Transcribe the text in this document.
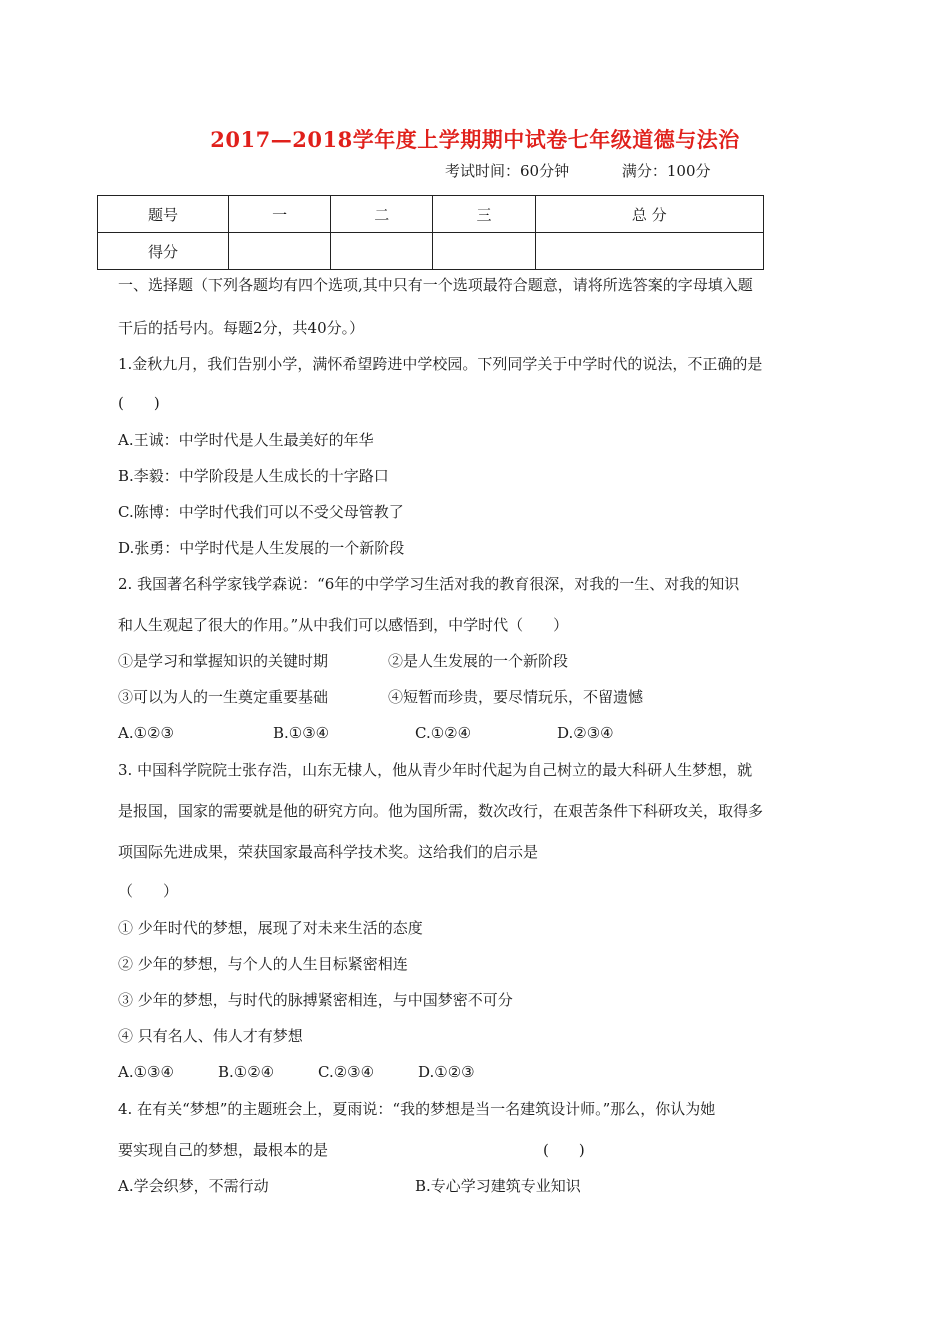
2017—2018学年度上学期期中试卷七年级道德与法治
考试时间：60分钟	满分：100分
题号	一	二	三	总 分
得分				
一、选择题（下列各题均有四个选项,其中只有一个选项最符合题意，请将所选答案的字母填入题
干后的括号内。每题2分，共40分。）
1.金秋九月，我们告别小学，满怀希望跨进中学校园。下列同学关于中学时代的说法，不正确的是
(　　)
A.王诚：中学时代是人生最美好的年华
B.李毅：中学阶段是人生成长的十字路口
C.陈博：中学时代我们可以不受父母管教了
D.张勇：中学时代是人生发展的一个新阶段
2. 我国著名科学家钱学森说：“6年的中学学习生活对我的教育很深，对我的一生、对我的知识
和人生观起了很大的作用。”从中我们可以感悟到，中学时代（　　）
①是学习和掌握知识的关键时期	②是人生发展的一个新阶段
③可以为人的一生奠定重要基础	④短暂而珍贵，要尽情玩乐，不留遗憾
A.①②③	B.①③④	C.①②④	D.②③④
3. 中国科学院院士张存浩，山东无棣人，他从青少年时代起为自己树立的最大科研人生梦想，就
是报国，国家的需要就是他的研究方向。他为国所需，数次改行，在艰苦条件下科研攻关，取得多
项国际先进成果，荣获国家最高科学技术奖。这给我们的启示是
（　　）
① 少年时代的梦想，展现了对未来生活的态度
② 少年的梦想，与个人的人生目标紧密相连
③ 少年的梦想，与时代的脉搏紧密相连，与中国梦密不可分
④ 只有名人、伟人才有梦想
A.①③④	B.①②④	C.②③④	D.①②③
4. 在有关“梦想”的主题班会上，夏雨说：“我的梦想是当一名建筑设计师。”那么，你认为她
要实现自己的梦想，最根本的是	(　　)
A.学会织梦，不需行动	B.专心学习建筑专业知识
